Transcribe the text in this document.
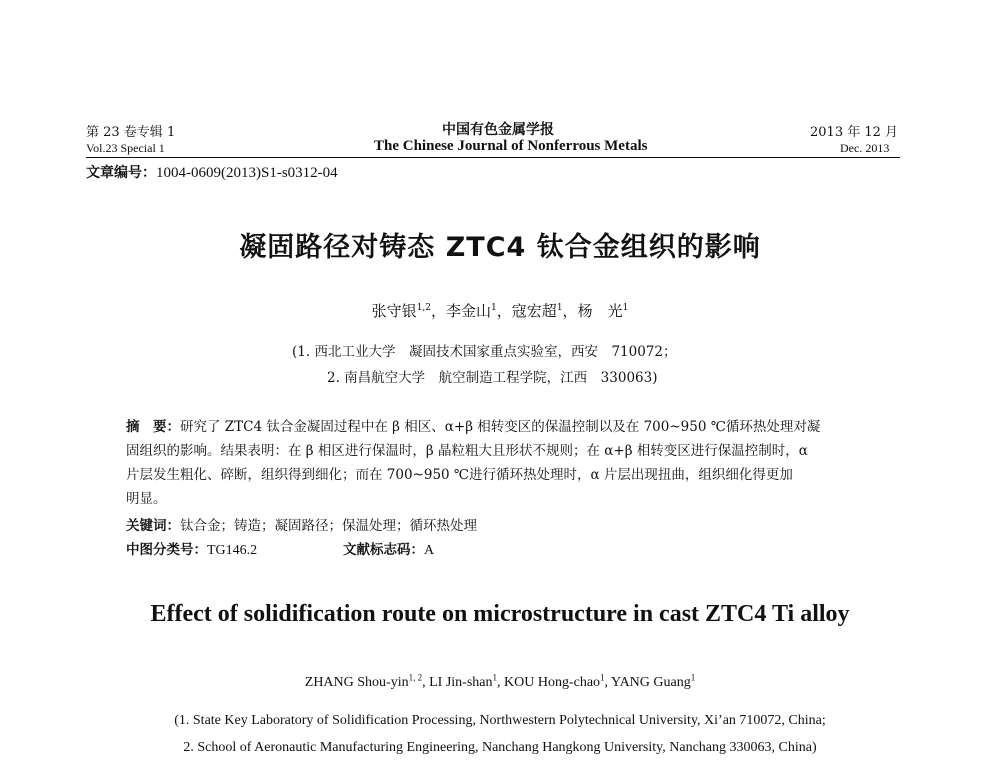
第 23 卷专辑 1
Vol.23 Special 1
中国有色金属学报
The Chinese Journal of Nonferrous Metals
2013 年 12 月
Dec. 2013
文章编号：1004-0609(2013)S1-s0312-04
凝固路径对铸态 ZTC4 钛合金组织的影响
张守银$^{1,2}$，李金山$^1$，寇宏超$^1$，杨　光$^1$
(1. 西北工业大学　凝固技术国家重点实验室，西安　710072；
2. 南昌航空大学　航空制造工程学院，江西　330063)
摘　要：研究了 ZTC4 钛合金凝固过程中在 β 相区、α+β 相转变区的保温控制以及在 700~950 ℃循环热处理对凝
固组织的影响。结果表明：在 β 相区进行保温时，β 晶粒粗大且形状不规则；在 α+β 相转变区进行保温控制时，α
片层发生粗化、碎断，组织得到细化；而在 700~950 ℃进行循环热处理时，α 片层出现扭曲，组织细化得更加
明显。
关键词：钛合金；铸造；凝固路径；保温处理；循环热处理
中图分类号：TG146.2	文献标志码：A
Effect of solidification route on microstructure in cast ZTC4 Ti alloy
ZHANG Shou-yin$^{1, 2}$, LI Jin-shan$^1$, KOU Hong-chao$^1$, YANG Guang$^1$
(1. State Key Laboratory of Solidification Processing, Northwestern Polytechnical University, Xi’an 710072, China;
2. School of Aeronautic Manufacturing Engineering, Nanchang Hangkong University, Nanchang 330063, China)
